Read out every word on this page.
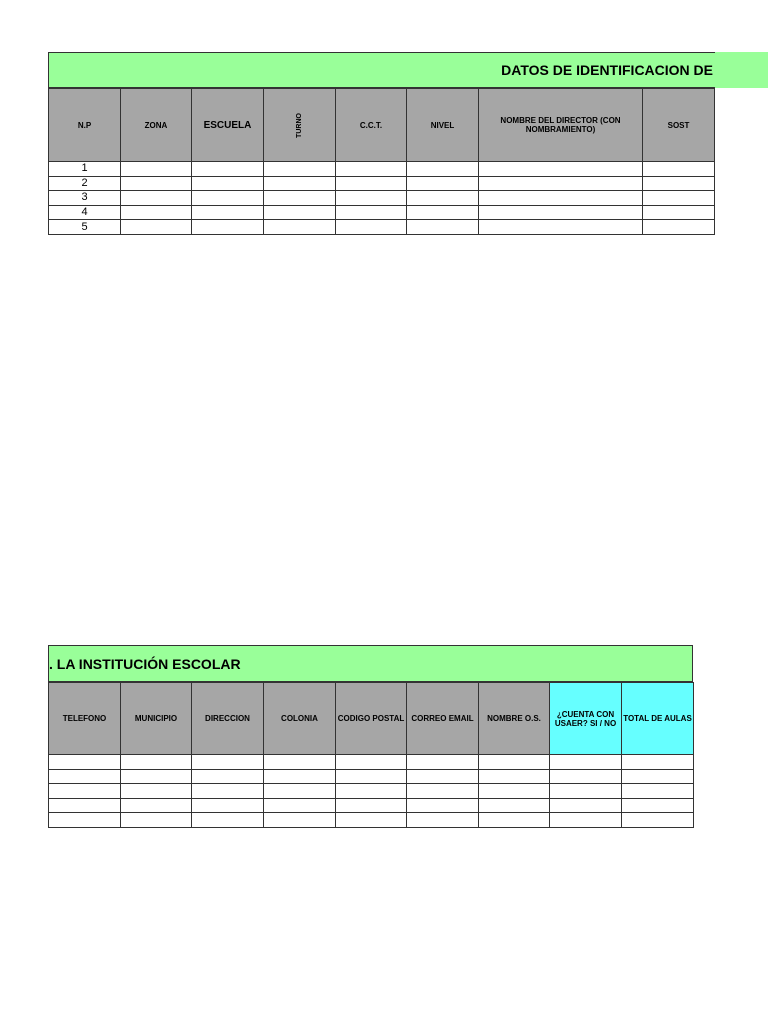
DATOS DE IDENTIFICACION DE
N.P	ZONA	ESCUELA	TURNO	C.C.T.	NIVEL	NOMBRE DEL DIRECTOR (CON NOMBRAMIENTO)	SOST
1							
2							
3							
4							
5							
. LA INSTITUCIÓN ESCOLAR
TELEFONO	MUNICIPIO	DIRECCION	COLONIA	CODIGO POSTAL	CORREO EMAIL	NOMBRE O.S.	¿CUENTA CON USAER? SI / NO	TOTAL DE AULAS
